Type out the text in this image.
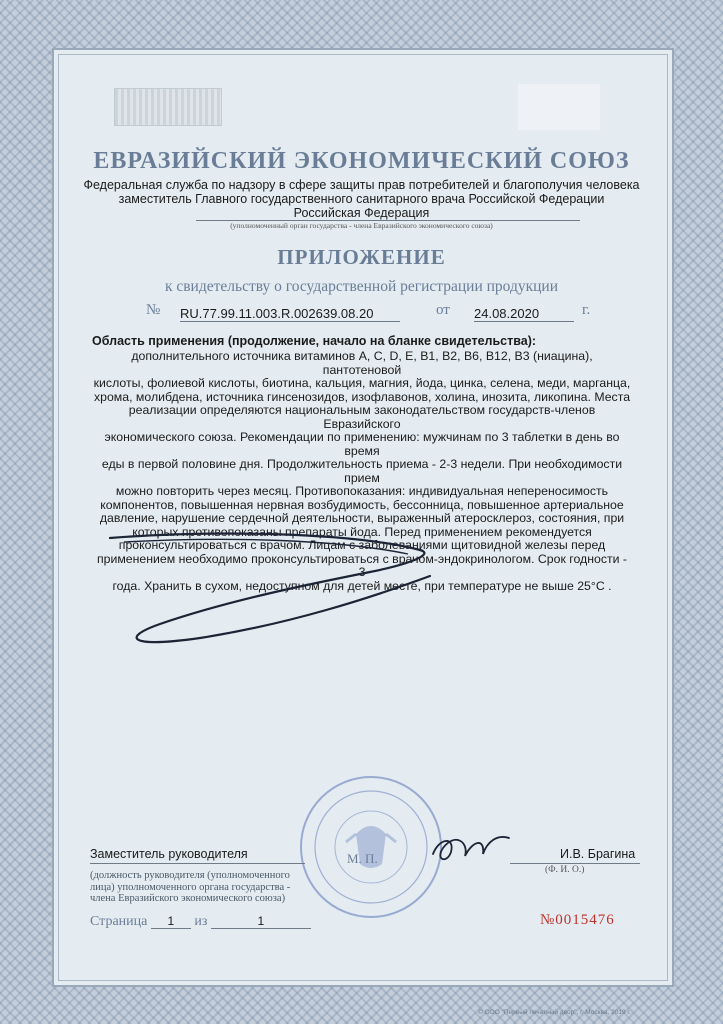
ЕВРАЗИЙСКИЙ ЭКОНОМИЧЕСКИЙ СОЮЗ
Федеральная служба по надзору в сфере защиты прав потребителей и благополучия человека
заместитель Главного государственного санитарного врача Российской Федерации
Российская Федерация
(уполномоченный орган государства - члена Евразийского экономического союза)
ПРИЛОЖЕНИЕ
к свидетельству о государственной регистрации продукции
№ RU.77.99.11.003.R.002639.08.20	от 24.08.2020	г.
Область применения (продолжение, начало на бланке свидетельства):
дополнительного источника витаминов А, С, D, Е, В1, В2, В6, В12, В3 (ниацина), пантотеновой
кислоты, фолиевой кислоты, биотина, кальция, магния, йода, цинка, селена, меди, марганца,
хрома, молибдена, источника гинсенозидов, изофлавонов, холина, инозита, ликопина. Места
реализации определяются национальным законодательством государств-членов Евразийского
экономического союза. Рекомендации по применению: мужчинам по 3 таблетки в день во время
еды в первой половине дня. Продолжительность приема - 2-3 недели. При необходимости прием
можно повторить через месяц. Противопоказания: индивидуальная непереносимость
компонентов, повышенная нервная возбудимость, бессонница, повышенное артериальное
давление, нарушение сердечной деятельности, выраженный атеросклероз, состояния, при
которых противопоказаны препараты йода. Перед применением рекомендуется
проконсультироваться с врачом. Лицам с заболеваниями щитовидной железы перед
применением необходимо проконсультироваться с врачом-эндокринологом. Срок годности - 3
года. Хранить в сухом, недоступном для детей месте, при температуре не выше 25°С .
Заместитель руководителя	М. П.	И.В. Брагина
(Ф. И. О.)
(должность руководителя (уполномоченного
лица) уполномоченного органа государства -
члена Евразийского экономического союза)
Страница 1 из	1	№0015476
© ООО "Первый печатный двор", г. Москва, 2019 г.
